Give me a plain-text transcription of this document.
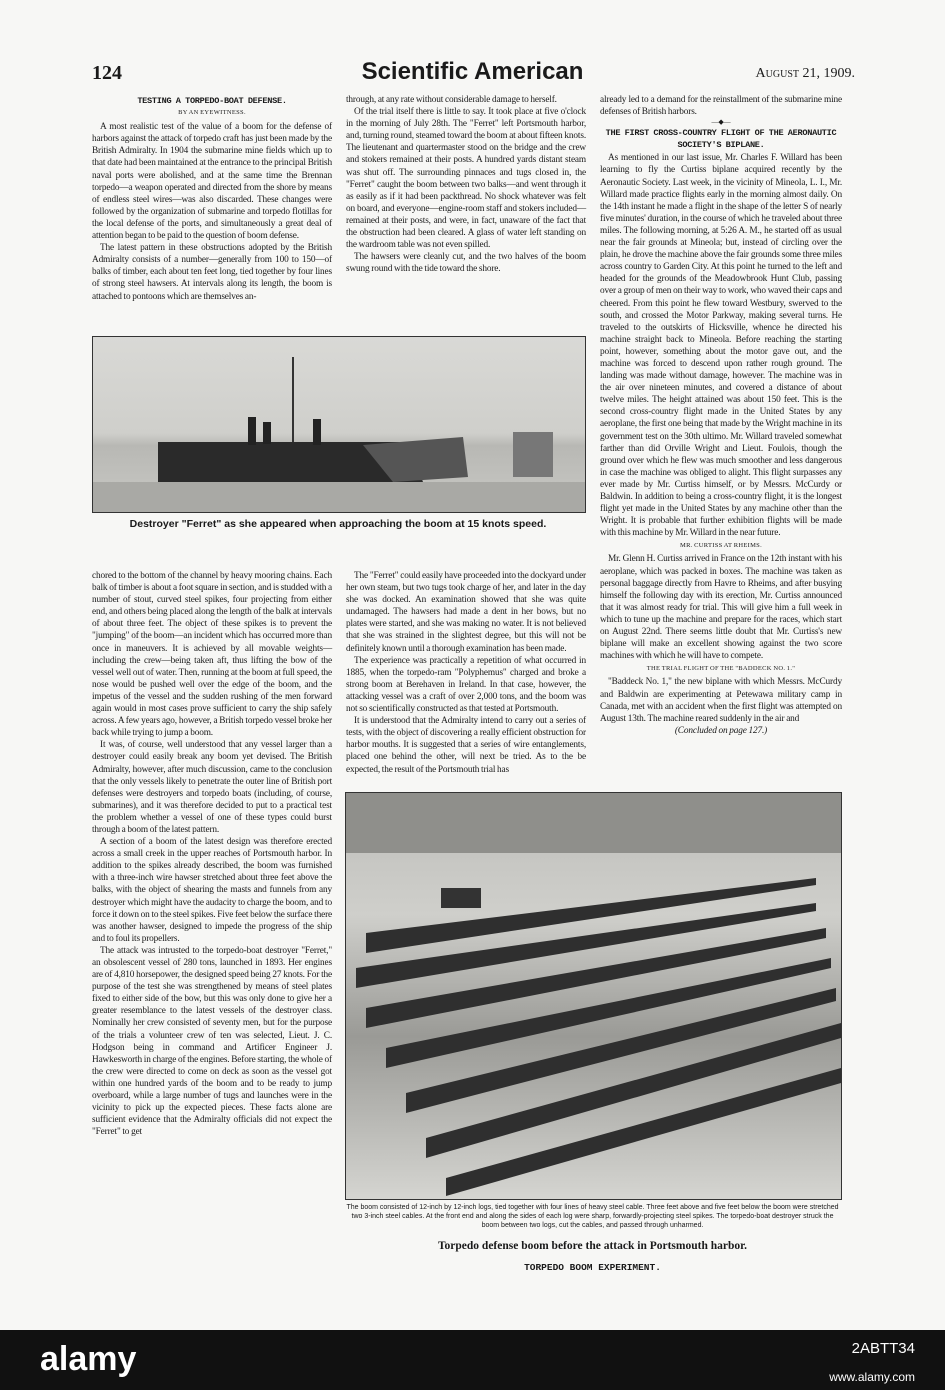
124	Scientific American	August 21, 1909.
TESTING A TORPEDO-BOAT DEFENSE.
BY AN EYEWITNESS.

A most realistic test of the value of a boom for the defense of harbors against the attack of torpedo craft has just been made by the British Admiralty. In 1904 the submarine mine fields which up to that date had been maintained at the entrance to the principal British naval ports were abolished, and at the same time the Brennan torpedo—a weapon operated and directed from the shore by means of endless steel wires—was also discarded. These changes were followed by the organization of submarine and torpedo flotillas for the local defense of the ports, and simultaneously a great deal of attention began to be paid to the question of boom defense.

The latest pattern in these obstructions adopted by the British Admiralty consists of a number—generally from 100 to 150—of balks of timber, each about ten feet long, tied together by four lines of strong steel hawsers. At intervals along its length, the boom is attached to pontoons which are themselves an-

through, at any rate without considerable damage to herself.

Of the trial itself there is little to say. It took place at five o'clock in the morning of July 28th. The "Ferret" left Portsmouth harbor, and, turning round, steamed toward the boom at about fifteen knots. The lieutenant and quartermaster stood on the bridge and the crew and stokers remained at their posts. A hundred yards distant steam was shut off. The surrounding pinnaces and tugs closed in, the "Ferret" caught the boom between two balks—and went through it as easily as if it had been packthread. No shock whatever was felt on board, and everyone—engine-room staff and stokers included—remained at their posts, and were, in fact, unaware of the fact that the obstruction had been cleared. A glass of water left standing on the wardroom table was not even spilled.

The hawsers were cleanly cut, and the two halves of the boom swung round with the tide toward the shore.

Destroyer "Ferret" as she appeared when approaching the boom at 15 knots speed.

chored to the bottom of the channel by heavy mooring chains. Each balk of timber is about a foot square in section, and is studded with a number of stout, curved steel spikes, four projecting from either end, and others being placed along the length of the balk at intervals of about three feet. The object of these spikes is to prevent the "jumping" of the boom—an incident which has occurred more than once in maneuvers. It is achieved by all movable weights—including the crew—being taken aft, thus lifting the bow of the vessel well out of water. Then, running at the boom at full speed, the nose would be pushed well over the edge of the boom, and the impetus of the vessel and the sudden rushing of the men forward again would in most cases prove sufficient to carry the ship safely across. A few years ago, however, a British torpedo vessel broke her back while trying to jump a boom.

It was, of course, well understood that any vessel larger than a destroyer could easily break any boom yet devised. The British Admiralty, however, after much discussion, came to the conclusion that the only vessels likely to penetrate the outer line of British port defenses were destroyers and torpedo boats (including, of course, submarines), and it was therefore decided to put to a practical test the problem whether a vessel of one of these types could burst through a boom of the latest pattern.

A section of a boom of the latest design was therefore erected across a small creek in the upper reaches of Portsmouth harbor. In addition to the spikes already described, the boom was furnished with a three-inch wire hawser stretched about three feet above the balks, with the object of shearing the masts and funnels from any destroyer which might have the audacity to charge the boom, and to force it down on to the steel spikes. Five feet below the surface there was another hawser, designed to impede the progress of the ship and to foul its propellers.

The attack was intrusted to the torpedo-boat destroyer "Ferret," an obsolescent vessel of 280 tons, launched in 1893. Her engines are of 4,810 horsepower, the designed speed being 27 knots. For the purpose of the test she was strengthened by means of steel plates fixed to either side of the bow, but this was only done to give her a greater resemblance to the latest vessels of the destroyer class. Nominally her crew consisted of seventy men, but for the purpose of the trials a volunteer crew of ten was selected, Lieut. J. C. Hodgson being in command and Artificer Engineer J. Hawkesworth in charge of the engines. Before starting, the whole of the crew were directed to come on deck as soon as the vessel got within one hundred yards of the boom and to be ready to jump overboard, while a large number of tugs and launches were in the vicinity to pick up the expected pieces. These facts alone are sufficient evidence that the Admiralty officials did not expect the "Ferret" to get

The "Ferret" could easily have proceeded into the dockyard under her own steam, but two tugs took charge of her, and later in the day she was docked. An examination showed that she was quite undamaged. The hawsers had made a dent in her bows, but no plates were started, and she was making no water. It is not believed that she was strained in the slightest degree, but this will not be definitely known until a thorough examination has been made.

The experience was practically a repetition of what occurred in 1885, when the torpedo-ram "Polyphemus" charged and broke a strong boom at Berehaven in Ireland. In that case, however, the attacking vessel was a craft of over 2,000 tons, and the boom was not so scientifically constructed as that tested at Portsmouth.

It is understood that the Admiralty intend to carry out a series of tests, with the object of discovering a really efficient obstruction for harbor mouths. It is suggested that a series of wire entanglements, placed one behind the other, will next be tried. As to the be expected, the result of the Portsmouth trial has

already led to a demand for the reinstallment of the submarine mine defenses of British harbors.

—◆—
THE FIRST CROSS-COUNTRY FLIGHT OF THE AERONAUTIC SOCIETY'S BIPLANE.

As mentioned in our last issue, Mr. Charles F. Willard has been learning to fly the Curtiss biplane acquired recently by the Aeronautic Society. Last week, in the vicinity of Mineola, L. I., Mr. Willard made practice flights early in the morning almost daily. On the 14th instant he made a flight in the shape of the letter S of nearly five minutes' duration, in the course of which he traveled about three miles. The following morning, at 5:26 A. M., he started off as usual near the fair grounds at Mineola; but, instead of circling over the plain, he drove the machine above the fair grounds some three miles across country to Garden City. At this point he turned to the left and headed for the grounds of the Meadowbrook Hunt Club, passing over a group of men on their way to work, who waved their caps and cheered. From this point he flew toward Westbury, swerved to the south, and crossed the Motor Parkway, making several turns. He traveled to the outskirts of Hicksville, whence he directed his machine straight back to Mineola. Before reaching the starting point, however, something about the motor gave out, and the machine was forced to descend upon rather rough ground. The landing was made without damage, however. The machine was in the air over nineteen minutes, and covered a distance of about twelve miles. The height attained was about 150 feet. This is the second cross-country flight made in the United States by any aeroplane, the first one being that made by the Wright machine in its government test on the 30th ultimo. Mr. Willard traveled somewhat farther than did Orville Wright and Lieut. Foulois, though the ground over which he flew was much smoother and less dangerous in case the machine was obliged to alight. This flight surpasses any ever made by Mr. Curtiss himself, or by Messrs. McCurdy or Baldwin. In addition to being a cross-country flight, it is the longest flight yet made in the United States by any machine other than the Wright. It is probable that further exhibition flights will be made with this machine by Mr. Willard in the near future.

MR. CURTISS AT RHEIMS.

Mr. Glenn H. Curtiss arrived in France on the 12th instant with his aeroplane, which was packed in boxes. The machine was taken as personal baggage directly from Havre to Rheims, and after busying himself the following day with its erection, Mr. Curtiss announced that it was almost ready for trial. This will give him a full week in which to tune up the machine and prepare for the races, which start on August 22nd. There seems little doubt that Mr. Curtiss's new biplane will make an excellent showing against the two score machines with which he will have to compete.

THE TRIAL FLIGHT OF THE "BADDECK NO. 1."

"Baddeck No. 1," the new biplane with which Messrs. McCurdy and Baldwin are experimenting at Petewawa military camp in Canada, met with an accident when the first flight was attempted on August 13th. The machine reared suddenly in the air and

(Concluded on page 127.)
The boom consisted of 12-inch by 12-inch logs, tied together with four lines of heavy steel cable. Three feet above and five feet below the boom were stretched two 3-inch steel cables. At the front end and along the sides of each log were sharp, forwardly-projecting steel spikes. The torpedo-boat destroyer struck the boom between two logs, cut the cables, and passed through unharmed.
Torpedo defense boom before the attack in Portsmouth harbor.
TORPEDO BOOM EXPERIMENT.
alamy	2ABTT34
www.alamy.com
